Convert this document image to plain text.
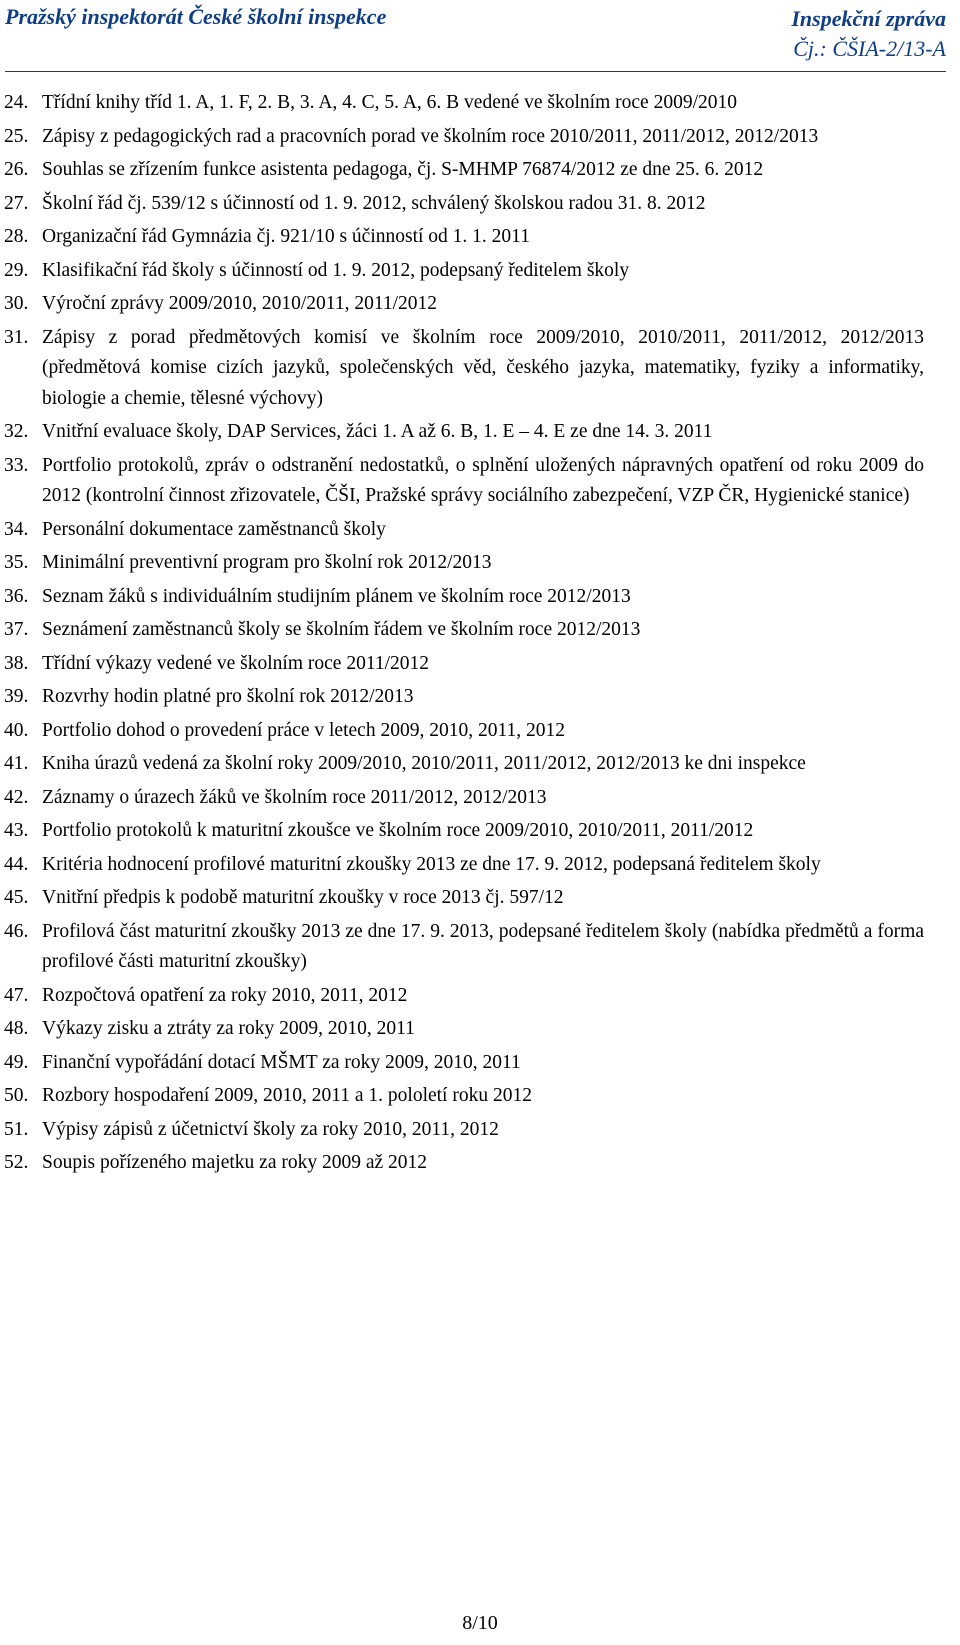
Pražský inspektorát České školní inspekce	Inspekční zpráva
Čj.: ČŠIA-2/13-A
24. Třídní knihy tříd 1. A, 1. F, 2. B, 3. A, 4. C, 5. A, 6. B vedené ve školním roce 2009/2010
25. Zápisy z pedagogických rad a pracovních porad ve školním roce 2010/2011, 2011/2012, 2012/2013
26. Souhlas se zřízením funkce asistenta pedagoga, čj. S-MHMP 76874/2012 ze dne 25. 6. 2012
27. Školní řád čj. 539/12 s účinností od 1. 9. 2012, schválený školskou radou 31. 8. 2012
28. Organizační řád Gymnázia čj. 921/10 s účinností od 1. 1. 2011
29. Klasifikační řád školy s účinností od 1. 9. 2012, podepsaný ředitelem školy
30. Výroční zprávy 2009/2010, 2010/2011, 2011/2012
31. Zápisy z porad předmětových komisí ve školním roce 2009/2010, 2010/2011, 2011/2012, 2012/2013 (předmětová komise cizích jazyků, společenských věd, českého jazyka, matematiky, fyziky a informatiky, biologie a chemie, tělesné výchovy)
32. Vnitřní evaluace školy, DAP Services, žáci 1. A až 6. B, 1. E – 4. E ze dne 14. 3. 2011
33. Portfolio protokolů, zpráv o odstranění nedostatků, o splnění uložených nápravných opatření od roku 2009 do 2012 (kontrolní činnost zřizovatele, ČŠI, Pražské správy sociálního zabezpečení, VZP ČR, Hygienické stanice)
34. Personální dokumentace zaměstnanců školy
35. Minimální preventivní program pro školní rok 2012/2013
36. Seznam žáků s individuálním studijním plánem ve školním roce 2012/2013
37. Seznámení zaměstnanců školy se školním řádem ve školním roce 2012/2013
38. Třídní výkazy vedené ve školním roce 2011/2012
39. Rozvrhy hodin platné pro školní rok 2012/2013
40. Portfolio dohod o provedení práce v letech 2009, 2010, 2011, 2012
41. Kniha úrazů vedená za školní roky 2009/2010, 2010/2011, 2011/2012, 2012/2013 ke dni inspekce
42. Záznamy o úrazech žáků ve školním roce 2011/2012, 2012/2013
43. Portfolio protokolů k maturitní zkoušce ve školním roce 2009/2010, 2010/2011, 2011/2012
44. Kritéria hodnocení profilové maturitní zkoušky 2013 ze dne 17. 9. 2012, podepsaná ředitelem školy
45. Vnitřní předpis k podobě maturitní zkoušky v roce 2013 čj. 597/12
46. Profilová část maturitní zkoušky 2013 ze dne 17. 9. 2013, podepsané ředitelem školy (nabídka předmětů a forma profilové části maturitní zkoušky)
47. Rozpočtová opatření za roky 2010, 2011, 2012
48. Výkazy zisku a ztráty za roky 2009, 2010, 2011
49. Finanční vypořádání dotací MŠMT za roky 2009, 2010, 2011
50. Rozbory hospodaření 2009, 2010, 2011 a 1. pololetí roku 2012
51. Výpisy zápisů z účetnictví školy za roky 2010, 2011, 2012
52. Soupis pořízeného majetku za roky 2009 až 2012
8/10
